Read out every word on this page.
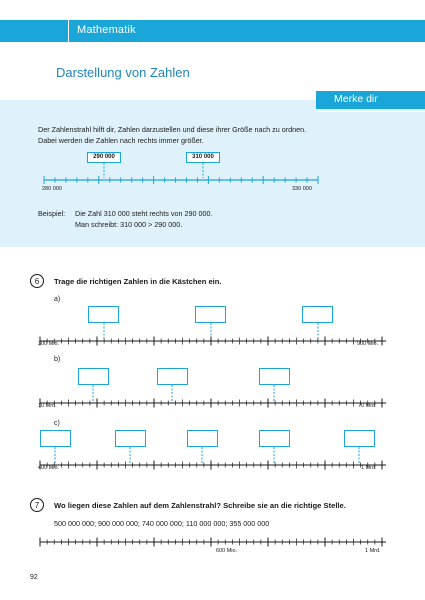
Mathematik
Darstellung von Zahlen
Merke dir
Der Zahlenstrahl hilft dir, Zahlen darzustellen und diese ihrer Größe nach zu ordnen.
Dabei werden die Zahlen nach rechts immer größer.
290 000	310 000
280 000	330 000
Beispiel: Die Zahl 310 000 steht rechts von 290 000.
Man schreibt: 310 000 > 290 000.
6	Trage die richtigen Zahlen in die Kästchen ein.
a)
300 Mio.	900 Mio.
b)
10 Mrd.	70 Mrd.
c)
400 Mio.	1 Mrd.
7	Wo liegen diese Zahlen auf dem Zahlenstrahl? Schreibe sie an die richtige Stelle.
500 000 000; 900 000 000; 740 000 000; 110 000 000; 355 000 000
600 Mio.	1 Mrd.
92
